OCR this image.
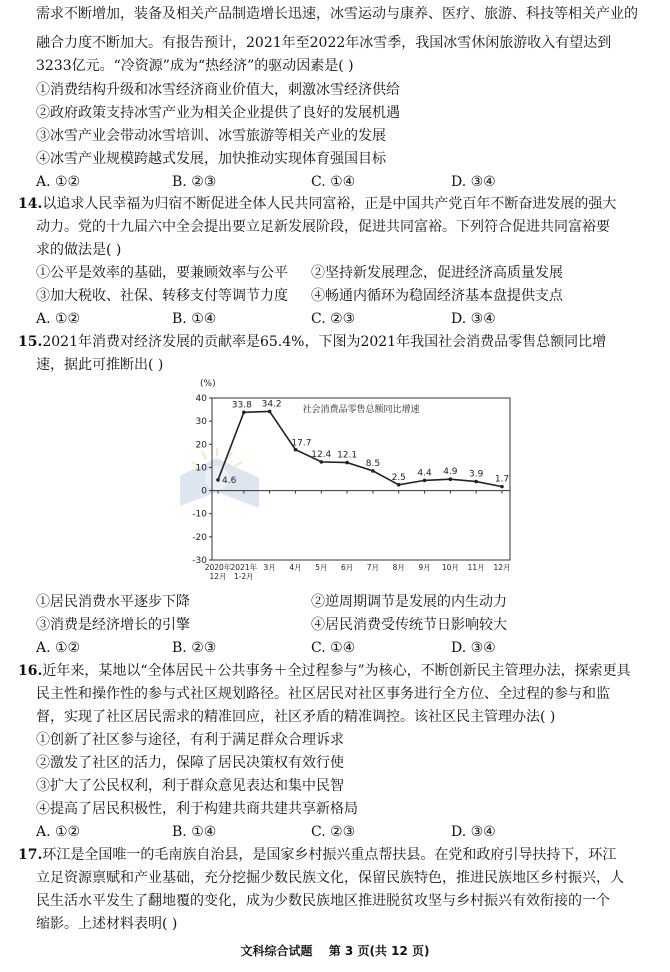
需求不断增加，装备及相关产品制造增长迅速，冰雪运动与康养、医疗、旅游、科技等相关产业的
融合力度不断加大。有报告预计，2021年至2022年冰雪季，我国冰雪休闲旅游收入有望达到
3233亿元。“冷资源”成为“热经济”的驱动因素是( )
①消费结构升级和冰雪经济商业价值大，刺激冰雪经济供给
②政府政策支持冰雪产业为相关企业提供了良好的发展机遇
③冰雪产业会带动冰雪培训、冰雪旅游等相关产业的发展
④冰雪产业规模跨越式发展，加快推动实现体育强国目标
A. ①②	B. ②③	C. ①④	D. ③④
14.以追求人民幸福为归宿不断促进全体人民共同富裕，正是中国共产党百年不断奋进发展的强大
动力。党的十九届六中全会提出要立足新发展阶段，促进共同富裕。下列符合促进共同富裕要
求的做法是( )
①公平是效率的基础，要兼顾效率与公平 ②坚持新发展理念，促进经济高质量发展
③加大税收、社保、转移支付等调节力度 ④畅通内循环为稳固经济基本盘提供支点
A. ①②	B. ①④	C. ②③	D. ③④
15.2021年消费对经济发展的贡献率是65.4%，下图为2021年我国社会消费品零售总额同比增
速，据此可推断出( )
40
30
20
10
0
-10
-20
-30
(%)
社会消费品零售总额同比增速
2020年
12月
2021年
1-2月
3月 4月 5月 6月 7月 8月 9月 10月 11月 12月
4.6
33.8 34.2
17.7
12.4 12.1
8.5
2.5 4.4 4.9 3.9
1.7
①居民消费水平逐步下降	②逆周期调节是发展的内生动力
③消费是经济增长的引擎	④居民消费受传统节日影响较大
A. ①②	B. ②③	C. ①④	D. ③④
16.近年来，某地以“全体居民＋公共事务＋全过程参与”为核心，不断创新民主管理办法，探索更具
民主性和操作性的参与式社区规划路径。社区居民对社区事务进行全方位、全过程的参与和监
督，实现了社区居民需求的精准回应，社区矛盾的精准调控。该社区民主管理办法( )
①创新了社区参与途径，有利于满足群众合理诉求
②激发了社区的活力，保障了居民决策权有效行使
③扩大了公民权利，利于群众意见表达和集中民智
④提高了居民积极性，利于构建共商共建共享新格局
A. ①②	B. ①④	C. ②③	D. ③④
17.环江是全国唯一的毛南族自治县，是国家乡村振兴重点帮扶县。在党和政府引导扶持下，环江
立足资源禀赋和产业基础，充分挖掘少数民族文化，保留民族特色，推进民族地区乡村振兴，人
民生活水平发生了翻地覆的变化，成为少数民族地区推进脱贫攻坚与乡村振兴有效衔接的一个
缩影。上述材料表明( )
文科综合试题 第 3 页(共 12 页)
